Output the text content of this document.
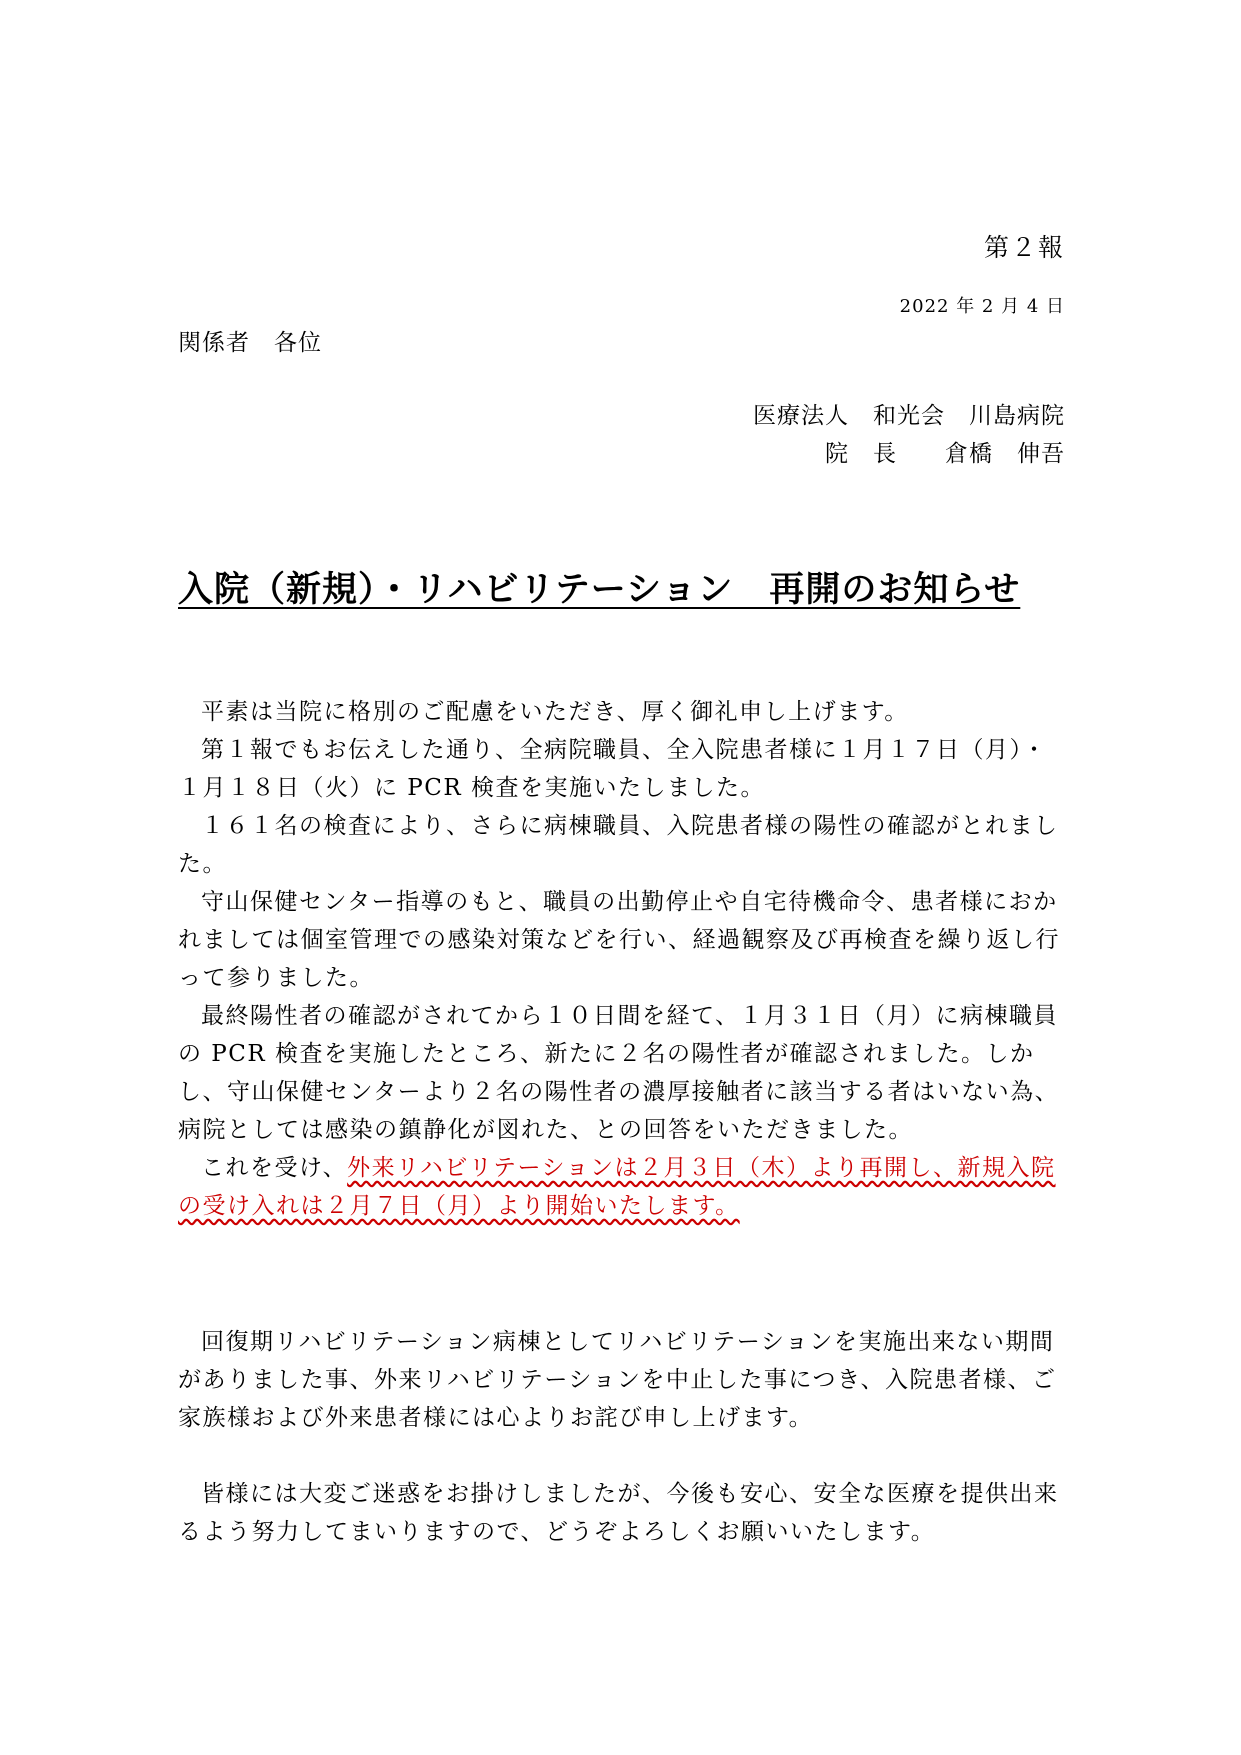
第２報
2022 年 2 月 4 日
関係者　各位
医療法人　和光会　川島病院
院　長　　倉橋　伸吾
入院（新規）・リハビリテーション　再開のお知らせ

平素は当院に格別のご配慮をいただき、厚く御礼申し上げます。

第１報でもお伝えした通り、全病院職員、全入院患者様に１月１７日（月）・１月１８日（火）に PCR 検査を実施いたしました。

１６１名の検査により、さらに病棟職員、入院患者様の陽性の確認がとれました。

守山保健センター指導のもと、職員の出勤停止や自宅待機命令、患者様におかれましては個室管理での感染対策などを行い、経過観察及び再検査を繰り返し行って参りました。

最終陽性者の確認がされてから１０日間を経て、１月３１日（月）に病棟職員の PCR 検査を実施したところ、新たに２名の陽性者が確認されました。しかし、守山保健センターより２名の陽性者の濃厚接触者に該当する者はいない為、病院としては感染の鎮静化が図れた、との回答をいただきました。

これを受け、外来リハビリテーションは２月３日（木）より再開し、新規入院の受け入れは２月７日（月）より開始いたします。

回復期リハビリテーション病棟としてリハビリテーションを実施出来ない期間がありました事、外来リハビリテーションを中止した事につき、入院患者様、ご家族様および外来患者様には心よりお詫び申し上げます。

皆様には大変ご迷惑をお掛けしましたが、今後も安心、安全な医療を提供出来るよう努力してまいりますので、どうぞよろしくお願いいたします。
